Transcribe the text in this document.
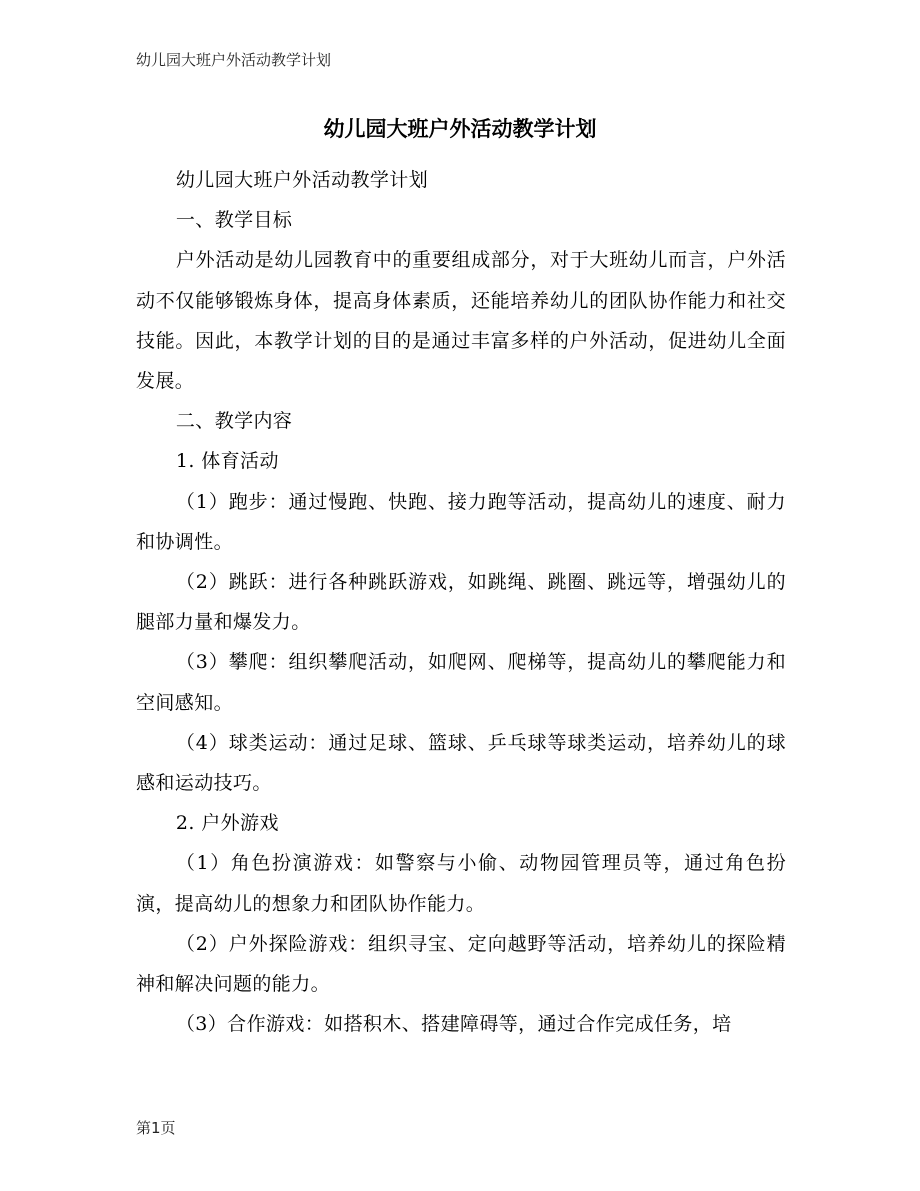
幼儿园大班户外活动教学计划
幼儿园大班户外活动教学计划

幼儿园大班户外活动教学计划

一、教学目标

户外活动是幼儿园教育中的重要组成部分，对于大班幼儿而言，户外活动不仅能够锻炼身体，提高身体素质，还能培养幼儿的团队协作能力和社交技能。因此，本教学计划的目的是通过丰富多样的户外活动，促进幼儿全面发展。

二、教学内容

1. 体育活动

（1）跑步：通过慢跑、快跑、接力跑等活动，提高幼儿的速度、耐力和协调性。

（2）跳跃：进行各种跳跃游戏，如跳绳、跳圈、跳远等，增强幼儿的腿部力量和爆发力。

（3）攀爬：组织攀爬活动，如爬网、爬梯等，提高幼儿的攀爬能力和空间感知。

（4）球类运动：通过足球、篮球、乒乓球等球类运动，培养幼儿的球感和运动技巧。

2. 户外游戏

（1）角色扮演游戏：如警察与小偷、动物园管理员等，通过角色扮演，提高幼儿的想象力和团队协作能力。

（2）户外探险游戏：组织寻宝、定向越野等活动，培养幼儿的探险精神和解决问题的能力。

（3）合作游戏：如搭积木、搭建障碍等，通过合作完成任务，培

第1页
